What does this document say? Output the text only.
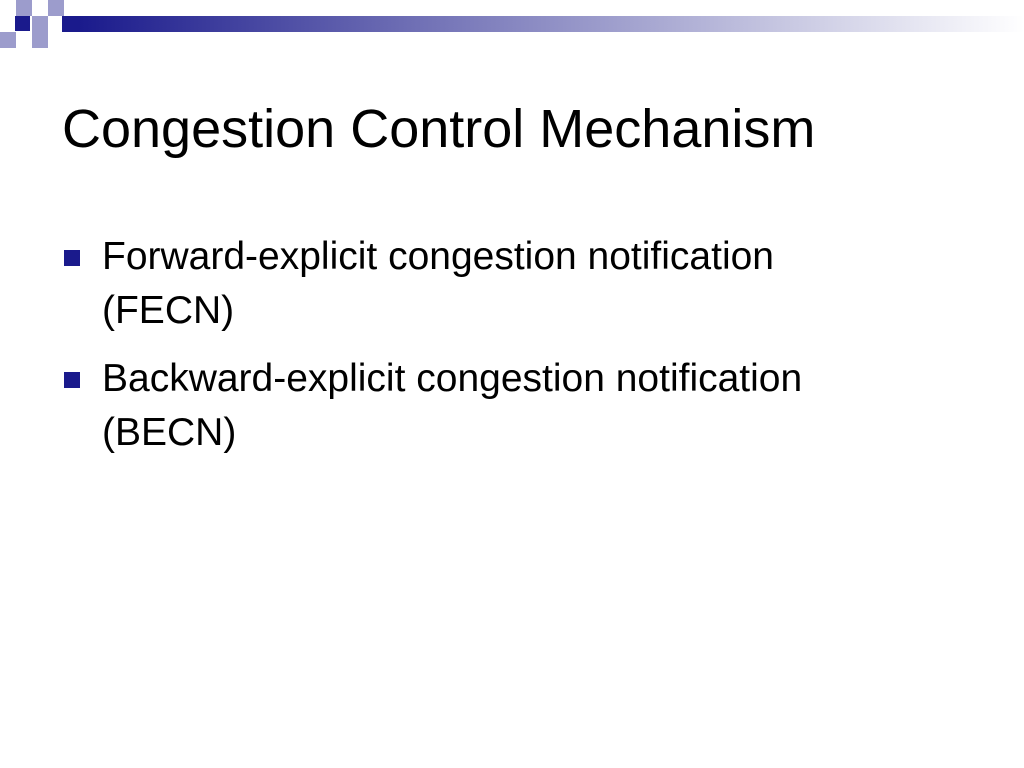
Congestion Control Mechanism
Forward-explicit congestion notification
(FECN)
Backward-explicit congestion notification
(BECN)
